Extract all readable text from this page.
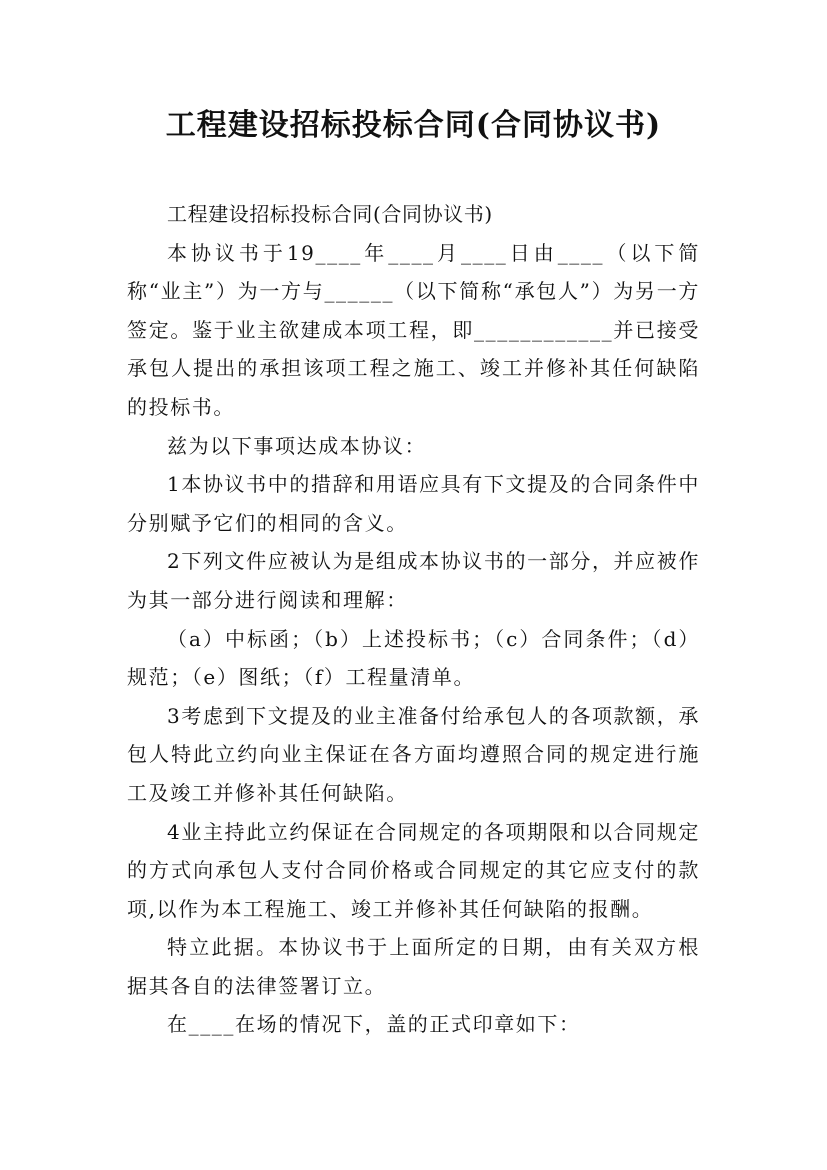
工程建设招标投标合同(合同协议书)

工程建设招标投标合同(合同协议书)

本协议书于19____年____月____日由____（以下简称“业主”）为一方与______（以下简称“承包人”）为另一方签定。鉴于业主欲建成本项工程，即____________并已接受承包人提出的承担该项工程之施工、竣工并修补其任何缺陷的投标书。

兹为以下事项达成本协议：

1本协议书中的措辞和用语应具有下文提及的合同条件中分别赋予它们的相同的含义。

2下列文件应被认为是组成本协议书的一部分，并应被作为其一部分进行阅读和理解：

（a）中标函；（b）上述投标书；（c）合同条件；（d）规范；（e）图纸；（f）工程量清单。

3考虑到下文提及的业主准备付给承包人的各项款额，承包人特此立约向业主保证在各方面均遵照合同的规定进行施工及竣工并修补其任何缺陷。

4业主持此立约保证在合同规定的各项期限和以合同规定的方式向承包人支付合同价格或合同规定的其它应支付的款项,以作为本工程施工、竣工并修补其任何缺陷的报酬。

特立此据。本协议书于上面所定的日期，由有关双方根据其各自的法律签署订立。

在____在场的情况下，盖的正式印章如下：
